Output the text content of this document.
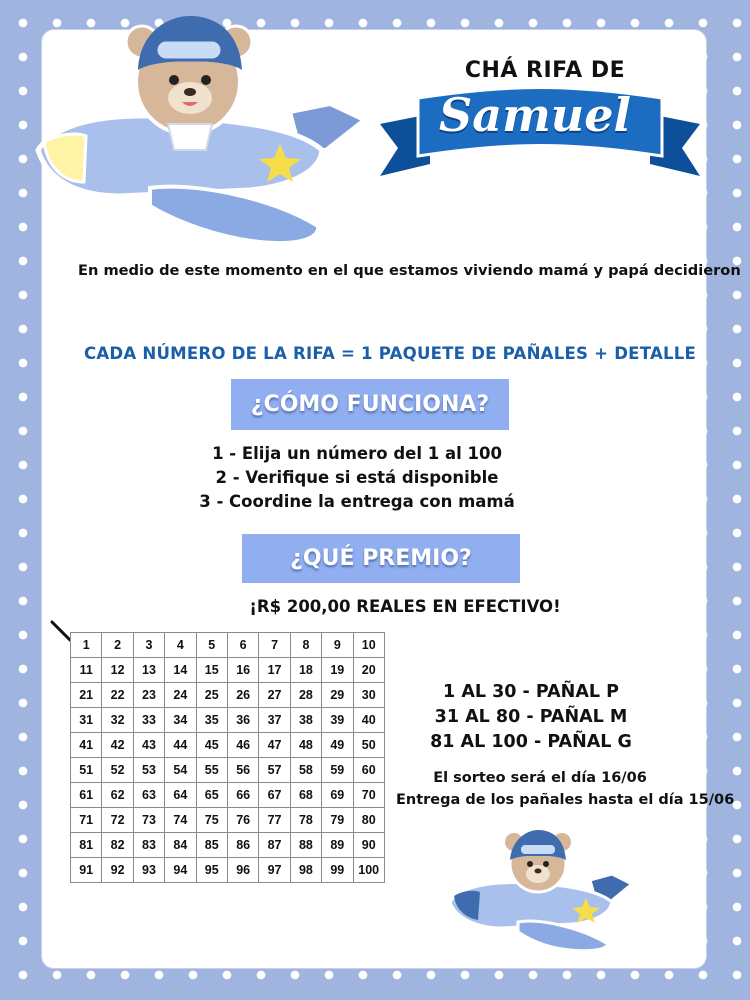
CHÁ RIFA DE

Samuel

En medio de este momento en el que estamos viviendo mamá y papá decidieron

CADA NÚMERO DE LA RIFA = 1 PAQUETE DE PAÑALES + DETALLE

¿CÓMO FUNCIONA?
1 - Elija un número del 1 al 100
2 - Verifique si está disponible
3 - Coordine la entrega con mamá
¿QUÉ PREMIO?

¡R$ 200,00 REALES EN EFECTIVO!

1	2	3	4	5	6	7	8	9	10
11	12	13	14	15	16	17	18	19	20
21	22	23	24	25	26	27	28	29	30
31	32	33	34	35	36	37	38	39	40
41	42	43	44	45	46	47	48	49	50
51	52	53	54	55	56	57	58	59	60
61	62	63	64	65	66	67	68	69	70
71	72	73	74	75	76	77	78	79	80
81	82	83	84	85	86	87	88	89	90
91	92	93	94	95	96	97	98	99	100
1 AL 30 - PAÑAL P
31 AL 80 - PAÑAL M
81 AL 100 - PAÑAL G

El sorteo será el día 16/06

Entrega de los pañales hasta el día 15/06
